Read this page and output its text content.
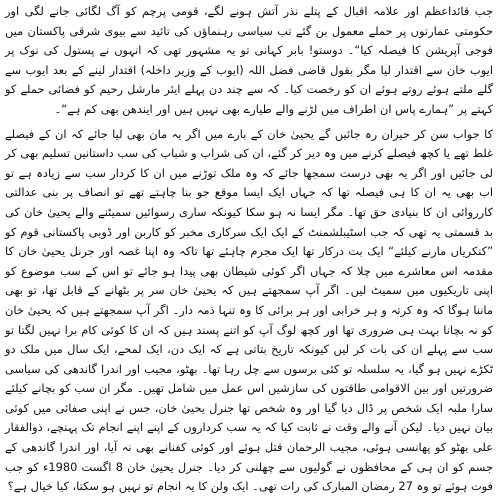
جب قائداعظم اور علامہ اقبال کے پتلے نذر آتش ہونے لگے، قومی پرچم کو آگ لگائی جانے لگی اور حکومتی عمارتوں پر حملے معمول بن گئے تب سیاسی رہنماؤں کی تائید سے بیوی شرقی پاکستان میں فوجی آپریشن کا فیصلہ کیا“۔ دوستو! بابر کہانی تو یہ مشہور تھی کہ انہوں نے پستول کی نوک پر ایوب خان سے اقتدار لیا مگر بقول قاضی فضل اللہ (ایوب کے وزیر داخلہ) اقتدار لینے کے بعد ایوب سے گلے ملتے ہوئے روتے ہوئے ان کو رخصت کیا۔ کہ سے چند دن پہلے ایئر مارشل رحیم کو فضائی حملے کو کہتے پر ”ہمارے پاس ان اطراف میں لڑنے والے طیارے بھی نہیں ہیں اور ایندھن بھی کم ہے“۔

کا جواب سن کر حیران رہ جائیں گے یحییٰ خان کے بارے میں اگر یہ مان بھی لیا جائے کہ ان کے فیصلے غلط تھے یا کچھ فیصلے کرنے میں وہ دیر کر گئے، ان کی شراب و شباب کی سب داستانیں تسلیم بھی کر لی جائیں اور اگر یہ بھی درست سمجھا جائے کہ وہ ملک توڑنے میں ان کا کردار سب سے زیادہ ہے تو اب بھی یہ ان کا ہی فیصلہ تھا کہ جہاں ایک ایسا موقع جو بنا چاہتے تھے تو انصاف پر بنی عدالتی کارروائی ان کا بنیادی حق تھا۔ مگر ایسا نہ ہو سکا کیونکہ ساری رسوائیں سمیٹنے والے یحییٰ خان کی بد قسمتی یہ تھی کہ جب اسٹیبلشمنٹ کے ایک ایک سرکاری مخبر کو کاربن اور ڈوبی پاکستانی قوم کو ”کنکریاں مارنے کیلئے“ ایک بت درکار تھا ایک مجرم چاہئے تھا تاکہ وہ اپنا غصہ اور جرنل یحییٰ خان کا مقدمہ اس معاشرے میں چلا کہ جہاں اگر کوئی شیطان بھی پیدا ہو جائے تو اس کے سب موضوع کو اپنی تاریکیوں میں سمیٹ لیں۔ اگر آپ سمجھتے ہیں کہ یحییٰ خان سر پر بٹھانے کے قابل تھا، تو بھی ماننا ہوگا کہ وہ کرتہ و ہر خرابی اور ہر برائی کا وہ تنہا ذمہ دار۔ اگر آپ سمجھتے ہیں کہ یحییٰ خان کو نہ بچانا بہت ہی ضروری تھا اور کچھ لوگ آپ کو اتنے پسند ہیں کہ ان کا کوئی کام برا نہیں لگتا تو سب سے پہلے ان کی بات کر لیں کیونکہ تاریخ بتاتی ہے کہ ایک دن، ایک لمحے، ایک سال میں ملک دو ٹکڑے نہیں ہو گیا، یہ سلسلہ تو کئی برسوں سے چل رہا تھا۔ بھٹو، مجیب اور اندرا گاندھی کی سیاسی ضرورتیں اور بین الاقوامی طاقتوں کی سازشیں اس عمل میں شامل تھیں۔ مگر ان سب کو بچانے کیلئے سارا ملبہ ایک شخص پر ڈال دیا گیا اور وہ شخص تھا جنرل یحییٰ خان، جس نے اپنی صفائی میں کوئی بیان نہیں دیا۔ لیکن آنے والے وقت نے ثابت کیا کہ یہ سب کرداروں کے اپنے اپنے انجام تک پہنچے، ذوالفقار علی بھٹو کو پھانسی ہوئی، مجیب الرحمان قتل ہوئے اور کوئی کفنانے بھی نہ آیا، اور اندرا گاندھی کے جسم کو ان ہی کے محافظوں نے گولیوں سے چھلنی کر دیا۔ جنرل یحییٰ خان 8 اگست 1980ء کو جب فوت ہوئے تو وہ 27 رمضان المبارک کی رات تھی۔ ایک ولن کا یہ انجام تو نہیں ہو سکتا، کیا خیال ہے؟
